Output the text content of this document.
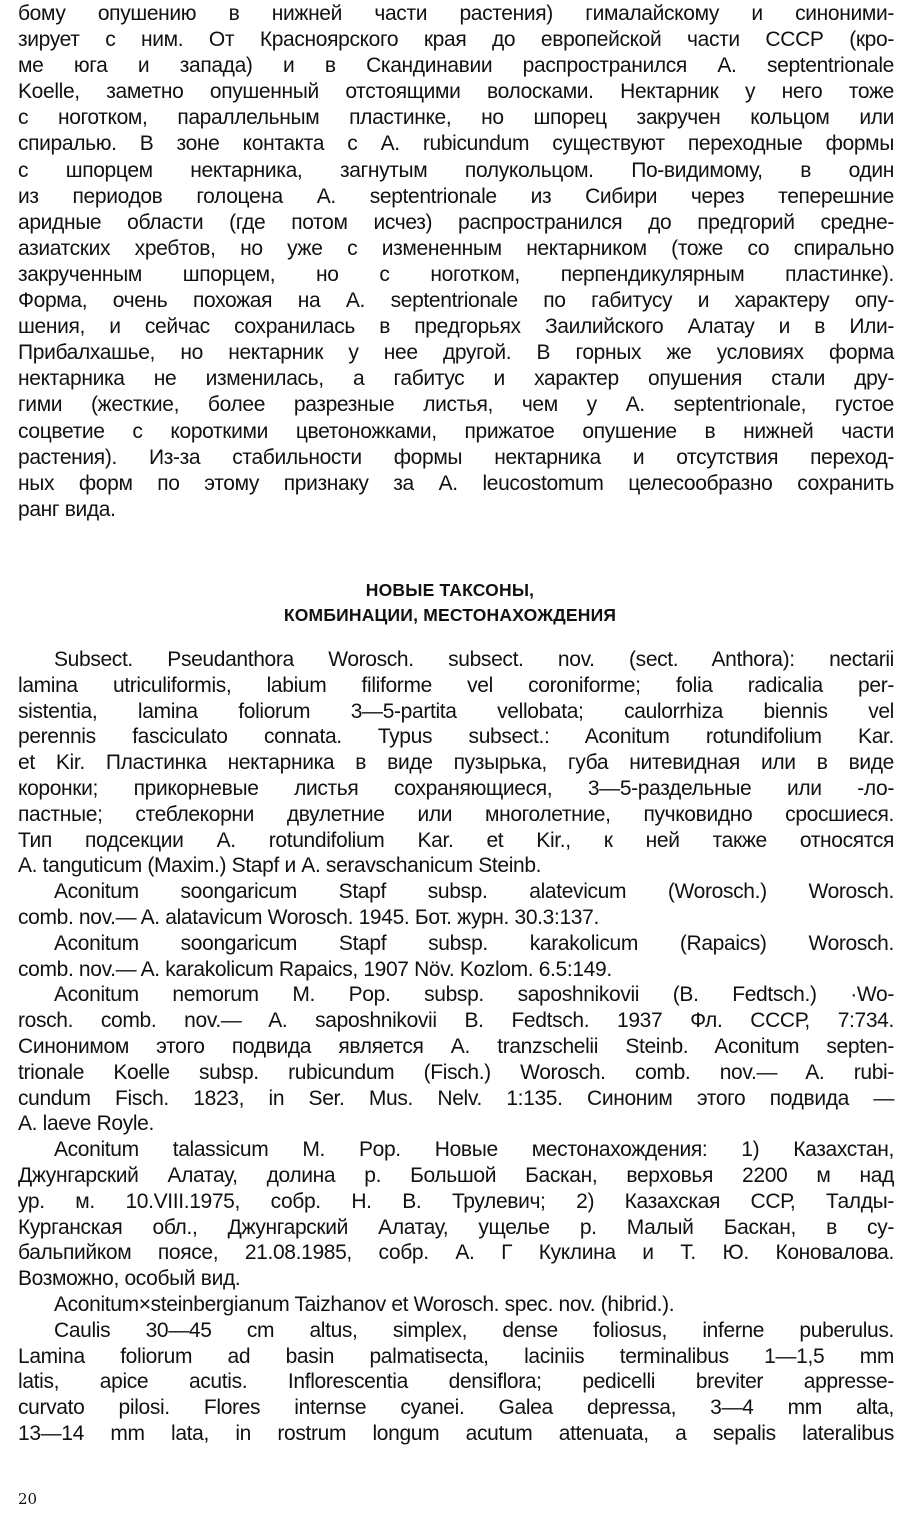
бому опушению в нижней части растения) гималайскому и синоними-
зирует с ним. От Красноярского края до европейской части СССР (кро-
ме юга и запада) и в Скандинавии распространился A. septentrionale
Koelle, заметно опушенный отстоящими волосками. Нектарник у него тоже
с ноготком, параллельным пластинке, но шпорец закручен кольцом или
спиралью. В зоне контакта с A. rubicundum существуют переходные формы
с шпорцем нектарника, загнутым полукольцом. По-видимому, в один
из периодов голоцена A. septentrionale из Сибири через теперешние
аридные области (где потом исчез) распространился до предгорий средне-
азиатских хребтов, но уже с измененным нектарником (тоже со спирально
закрученным шпорцем, но с ноготком, перпендикулярным пластинке).
Форма, очень похожая на A. septentrionale по габитусу и характеру опу-
шения, и сейчас сохранилась в предгорьях Заилийского Алатау и в Или-
Прибалхашье, но нектарник у нее другой. В горных же условиях форма
нектарника не изменилась, а габитус и характер опушения стали дру-
гими (жесткие, более разрезные листья, чем у A. septentrionale, густое
соцветие с короткими цветоножками, прижатое опушение в нижней части
растения). Из-за стабильности формы нектарника и отсутствия переход-
ных форм по этому признаку за A. leucostomum целесообразно сохранить
ранг вида.
НОВЫЕ ТАКСОНЫ,
КОМБИНАЦИИ, МЕСТОНАХОЖДЕНИЯ
Subsect. Pseudanthora Worosch. subsect. nov. (sect. Anthora): nectarii
lamina utriculiformis, labium filiforme vel coroniforme; folia radicalia per-
sistentia, lamina foliorum 3—5-partita vellobata; caulorrhiza biennis vel
perennis fasciculato connata. Typus subsect.: Aconitum rotundifolium Kar.
et Kir. Пластинка нектарника в виде пузырька, губа нитевидная или в виде
коронки; прикорневые листья сохраняющиеся, 3—5-раздельные или -ло-
пастные; стеблекорни двулетние или многолетние, пучковидно сросшиеся.
Тип подсекции A. rotundifolium Kar. et Kir., к ней также относятся
A. tanguticum (Maxim.) Stapf и A. seravschanicum Steinb.
Aconitum soongaricum Stapf subsp. alatevicum (Worosch.) Worosch.
comb. nov.— A. alatavicum Worosch. 1945. Бот. журн. 30.3:137.
Aconitum soongaricum Stapf subsp. karakolicum (Rapaics) Worosch.
comb. nov.— A. karakolicum Rapaics, 1907 Növ. Kozlom. 6.5:149.
Aconitum nemorum M. Pop. subsp. saposhnikovii (B. Fedtsch.) ·Wo-
rosch. comb. nov.— A. saposhnikovii B. Fedtsch. 1937 Фл. СССР, 7:734.
Синонимом этого подвида является A. tranzschelii Steinb. Aconitum septen-
trionale Koelle subsp. rubicundum (Fisch.) Worosch. comb. nov.— A. rubi-
cundum Fisch. 1823, in Ser. Mus. Nelv. 1:135. Синоним этого подвида —
A. laeve Royle.
Aconitum talassicum M. Pop. Новые местонахождения: 1) Казахстан,
Джунгарский Алатау, долина р. Большой Баскан, верховья 2200 м над
ур. м. 10.VIII.1975, собр. Н. В. Трулевич; 2) Казахская ССР, Талды-
Курганская обл., Джунгарский Алатау, ущелье р. Малый Баскан, в су-
бальпийком поясе, 21.08.1985, собр. А. Г Куклина и Т. Ю. Коновалова.
Возможно, особый вид.
Aconitum×steinbergianum Taizhanov et Worosch. spec. nov. (hibrid.).
Caulis 30—45 cm altus, simplex, dense foliosus, inferne puberulus.
Lamina foliorum ad basin palmatisecta, laciniis terminalibus 1—1,5 mm
latis, apice acutis. Inflorescentia densiflora; pedicelli breviter appresse-
curvato pilosi. Flores internse cyanei. Galea depressa, 3—4 mm alta,
13—14 mm lata, in rostrum longum acutum attenuata, a sepalis lateralibus
20
